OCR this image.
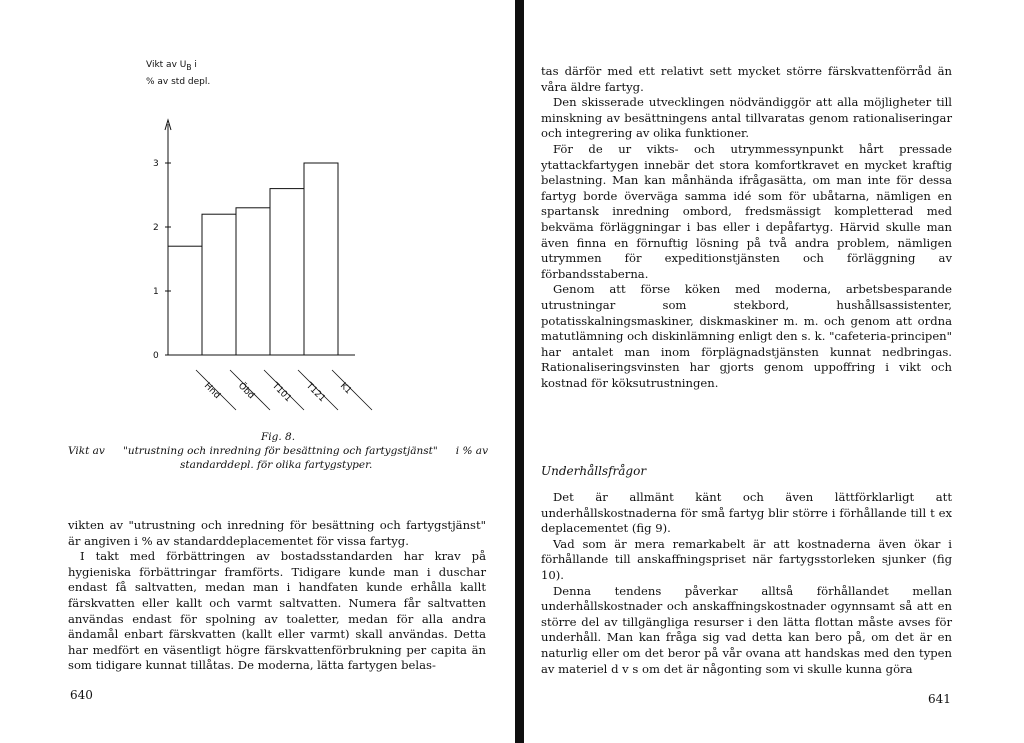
Vikt av $U_B$ i
% av std depl.
0
1
2
3
Hnd Öbd T101 T121 K1
Fig. 8.
Vikt av "utrustning och inredning för besättning och fartygstjänst" i % av
standarddepl. för olika fartygstyper.

vikten av "utrustning och inredning för besättning och fartygstjänst" är angiven i % av standarddeplacementet för vissa fartyg.

I takt med förbättringen av bostadsstandarden har krav på hygieniska förbättringar framförts. Tidigare kunde man i duschar endast få saltvatten, medan man i handfaten kunde erhålla kallt färskvatten eller kallt och varmt saltvatten. Numera får saltvatten användas endast för spolning av toaletter, medan för alla andra ändamål enbart färskvatten (kallt eller varmt) skall användas. Detta har medfört en väsentligt högre färskvattenförbrukning per capita än som tidigare kunnat tillåtas. De moderna, lätta fartygen belas-

640

tas därför med ett relativt sett mycket större färskvattenförråd än våra äldre fartyg.

Den skisserade utvecklingen nödvändiggör att alla möjligheter till minskning av besättningens antal tillvaratas genom rationaliseringar och integrering av olika funktioner.

För de ur vikts- och utrymmessynpunkt hårt pressade ytattackfartygen innebär det stora komfortkravet en mycket kraftig belastning. Man kan månhända ifrågasätta, om man inte för dessa fartyg borde överväga samma idé som för ubåtarna, nämligen en spartansk inredning ombord, fredsmässigt kompletterad med bekväma förläggningar i bas eller i depåfartyg. Härvid skulle man även finna en förnuftig lösning på två andra problem, nämligen utrymmen för expeditionstjänsten och förläggning av förbandsstaberna.

Genom att förse köken med moderna, arbetsbesparande utrustningar som stekbord, hushållsassistenter, potatisskalningsmaskiner, diskmaskiner m. m. och genom att ordna matutlämning och diskinlämning enligt den s. k. "cafeteria-principen" har antalet man inom förplägnadstjänsten kunnat nedbringas. Rationaliseringsvinsten har gjorts genom uppoffring i vikt och kostnad för köksutrustningen.

Underhållsfrågor

Det är allmänt känt och även lättförklarligt att underhållskostnaderna för små fartyg blir större i förhållande till t ex deplacementet (fig 9).

Vad som är mera remarkabelt är att kostnaderna även ökar i förhållande till anskaffningspriset när fartygsstorleken sjunker (fig 10).

Denna tendens påverkar alltså förhållandet mellan underhållskostnader och anskaffningskostnader ogynnsamt så att en större del av tillgängliga resurser i den lätta flottan måste avses för underhåll. Man kan fråga sig vad detta kan bero på, om det är en naturlig eller om det beror på vår ovana att handskas med den typen av materiel d v s om det är någonting som vi skulle kunna göra

641
